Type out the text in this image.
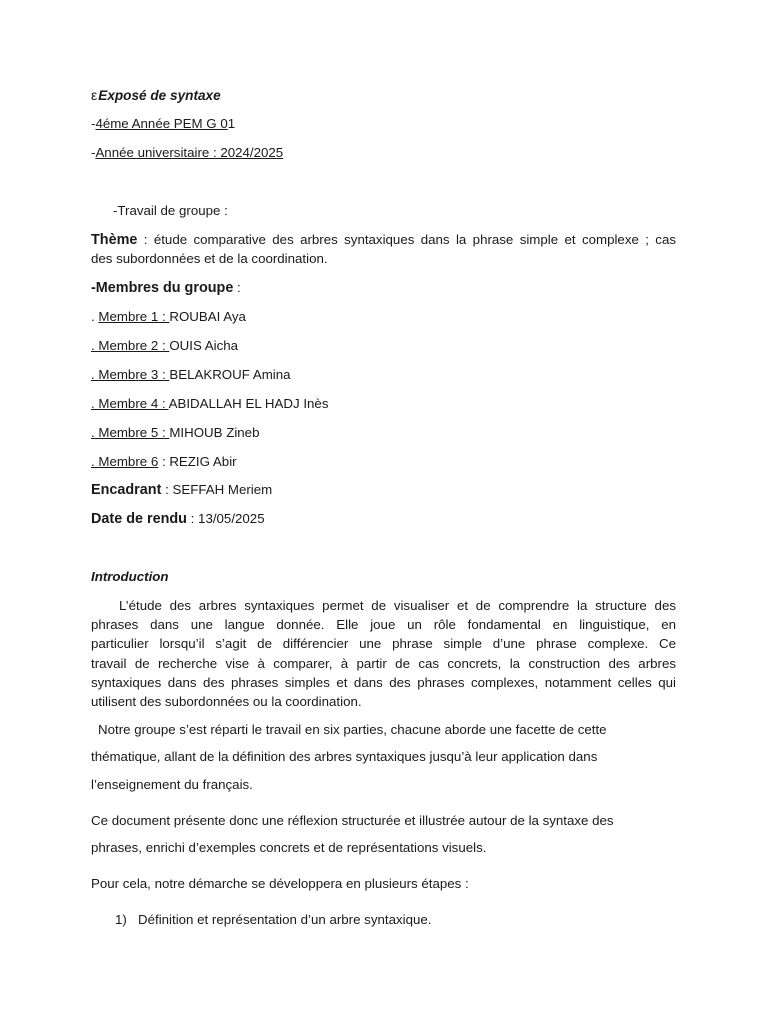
εExposé de syntaxe
-4éme Année PEM G 01
-Année universitaire : 2024/2025
-Travail de groupe :
Thème : étude comparative des arbres syntaxiques dans la phrase simple et complexe ; cas
des subordonnées et de la coordination.
-Membres du groupe :
. Membre 1 : ROUBAI Aya
. Membre 2 : OUIS Aicha
. Membre 3 : BELAKROUF Amina
. Membre 4 : ABIDALLAH EL HADJ Inès
. Membre 5 : MIHOUB Zineb
. Membre 6 : REZIG Abir
Encadrant : SEFFAH Meriem
Date de rendu : 13/05/2025
Introduction
L’étude des arbres syntaxiques permet de visualiser et de comprendre la structure des
phrases dans une langue donnée. Elle joue un rôle fondamental en linguistique, en
particulier lorsqu’il s’agit de différencier une phrase simple d’une phrase complexe. Ce
travail de recherche vise à comparer, à partir de cas concrets, la construction des arbres
syntaxiques dans des phrases simples et dans des phrases complexes, notamment celles qui
utilisent des subordonnées ou la coordination.
Notre groupe s’est réparti le travail en six parties, chacune aborde une facette de cette
thématique, allant de la définition des arbres syntaxiques jusqu’à leur application dans
l’enseignement du français.
Ce document présente donc une réflexion structurée et illustrée autour de la syntaxe des
phrases, enrichi d’exemples concrets et de représentations visuels.
Pour cela, notre démarche se développera en plusieurs étapes :
1) Définition et représentation d’un arbre syntaxique.
